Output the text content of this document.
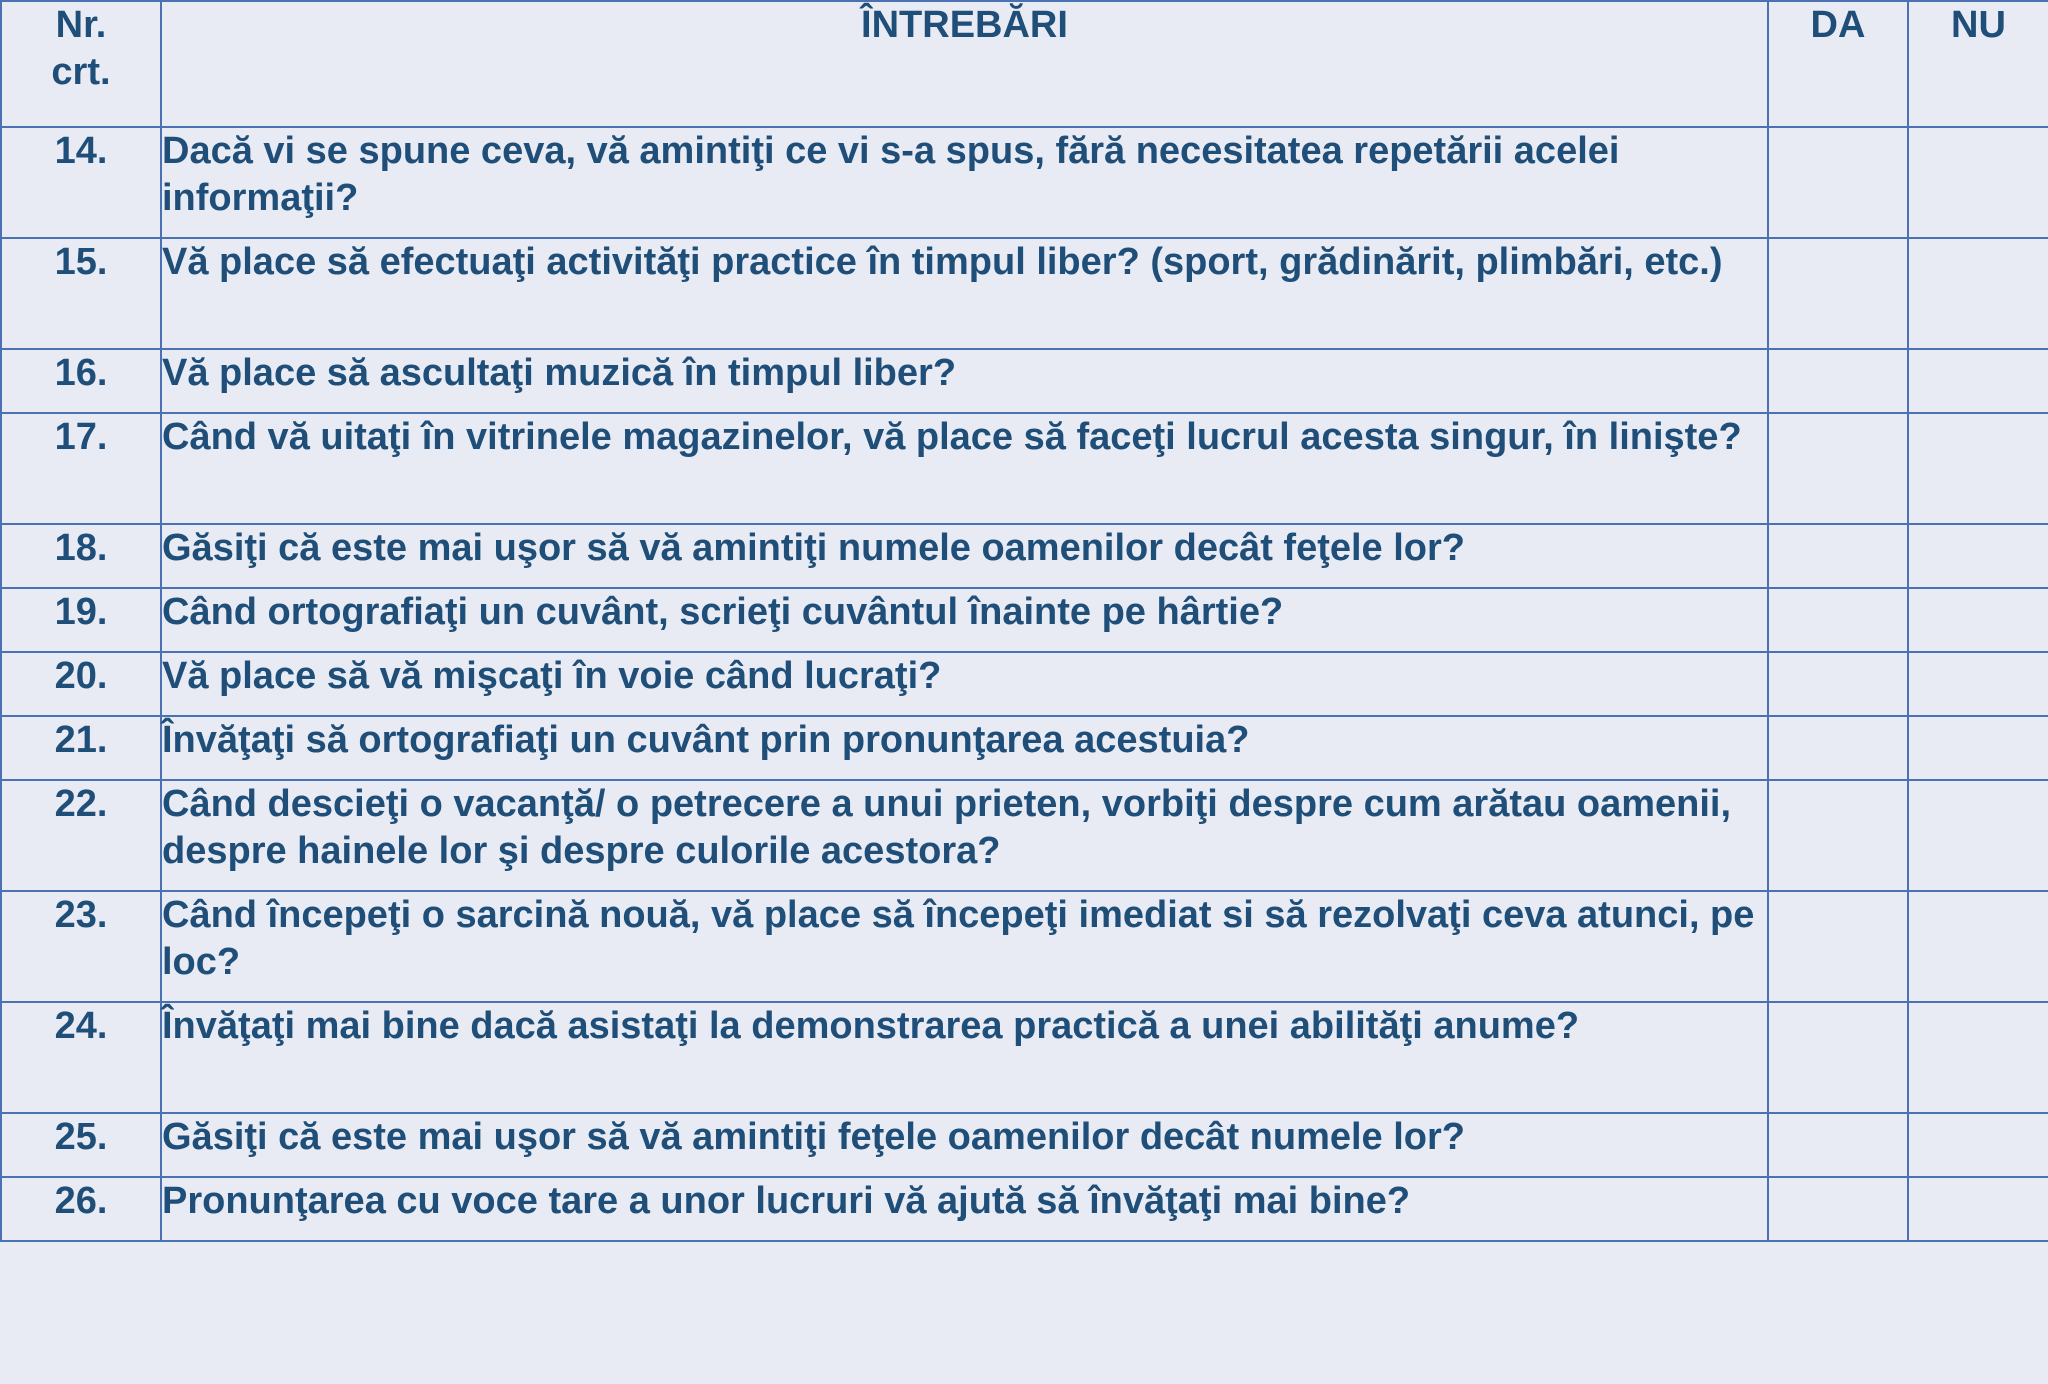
Nr.
crt.	ÎNTREBĂRI	DA	NU
14.	Dacă vi se spune ceva, vă amintiţi ce vi s-a spus, fără necesitatea repetării acelei informaţii?		
15.	Vă place să efectuaţi activităţi practice în timpul liber? (sport, grădinărit, plimbări, etc.)		
16.	Vă place să ascultaţi muzică în timpul liber?		
17.	Când vă uitaţi în vitrinele magazinelor, vă place să faceţi lucrul acesta singur, în linişte?		
18.	Găsiţi că este mai uşor să vă amintiţi numele oamenilor decât feţele lor?		
19.	Când ortografiaţi un cuvânt, scrieţi cuvântul înainte pe hârtie?		
20.	Vă place să vă mişcaţi în voie când lucraţi?		
21.	Învăţaţi să ortografiaţi un cuvânt prin pronunţarea acestuia?		
22.	Când descieţi o vacanţă/ o petrecere a unui prieten, vorbiţi despre cum arătau oamenii, despre hainele lor şi despre culorile acestora?		
23.	Când începeţi o sarcină nouă, vă place să începeţi imediat si să rezolvaţi ceva atunci, pe loc?		
24.	Învăţaţi mai bine dacă asistaţi la demonstrarea practică a unei abilităţi anume?		
25.	Găsiţi că este mai uşor să vă amintiţi feţele oamenilor decât numele lor?		
26.	Pronunţarea cu voce tare a unor lucruri vă ajută să învăţaţi mai bine?		
